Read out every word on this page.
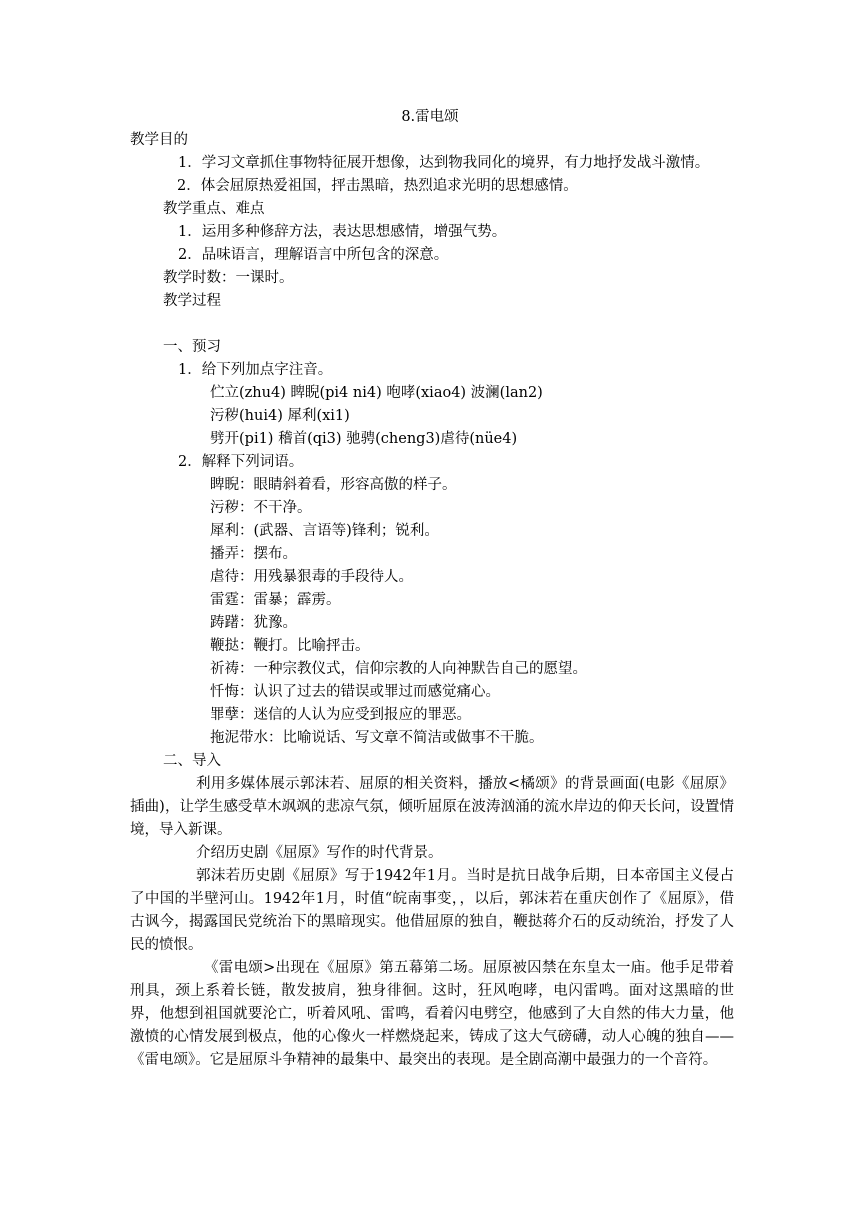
8.雷电颂
教学目的
1．学习文章抓住事物特征展开想像，达到物我同化的境界，有力地抒发战斗激情。
2．体会屈原热爱祖国，抨击黑暗，热烈追求光明的思想感情。
教学重点、难点
1．运用多种修辞方法，表达思想感情，增强气势。
2．品味语言，理解语言中所包含的深意。
教学时数：一课时。
教学过程
一、预习
1．给下列加点字注音。
伫立(zhu4) 睥睨(pi4 ni4) 咆哮(xiao4) 波澜(lan2)
污秽(hui4) 犀利(xi1)
劈开(pi1) 稽首(qi3) 驰骋(cheng3)虐待(nüe4)
2．解释下列词语。
睥睨：眼睛斜着看，形容高傲的样子。
污秽：不干净。
犀利：(武器、言语等)锋利；锐利。
播弄：摆布。
虐待：用残暴狠毒的手段待人。
雷霆：雷暴；霹雳。
踌躇：犹豫。
鞭挞：鞭打。比喻抨击。
祈祷：一种宗教仪式，信仰宗教的人向神默告自己的愿望。
忏悔：认识了过去的错误或罪过而感觉痛心。
罪孽：迷信的人认为应受到报应的罪恶。
拖泥带水：比喻说话、写文章不简洁或做事不干脆。
二、导入
利用多媒体展示郭沫若、屈原的相关资料，播放<橘颂》的背景画面(电影《屈原》插曲)，让学生感受草木飒飒的悲凉气氛，倾听屈原在波涛汹涌的流水岸边的仰天长问，设置情境，导入新课。
介绍历史剧《屈原》写作的时代背景。
郭沫若历史剧《屈原》写于1942年1月。当时是抗日战争后期，日本帝国主义侵占了中国的半壁河山。1942年1月，时值“皖南事变，，以后，郭沫若在重庆创作了《屈原》，借古讽今，揭露国民党统治下的黑暗现实。他借屈原的独自，鞭挞蒋介石的反动统治，抒发了人民的愤恨。
《雷电颂>出现在《屈原》第五幕第二场。屈原被囚禁在东皇太一庙。他手足带着刑具，颈上系着长链，散发披肩，独身徘徊。这时，狂风咆哮，电闪雷鸣。面对这黑暗的世界，他想到祖国就要沦亡，听着风吼、雷鸣，看着闪电劈空，他感到了大自然的伟大力量，他激愤的心情发展到极点，他的心像火一样燃烧起来，铸成了这大气磅礴，动人心魄的独自——《雷电颂》。它是屈原斗争精神的最集中、最突出的表现。是全剧高潮中最强力的一个音符。
